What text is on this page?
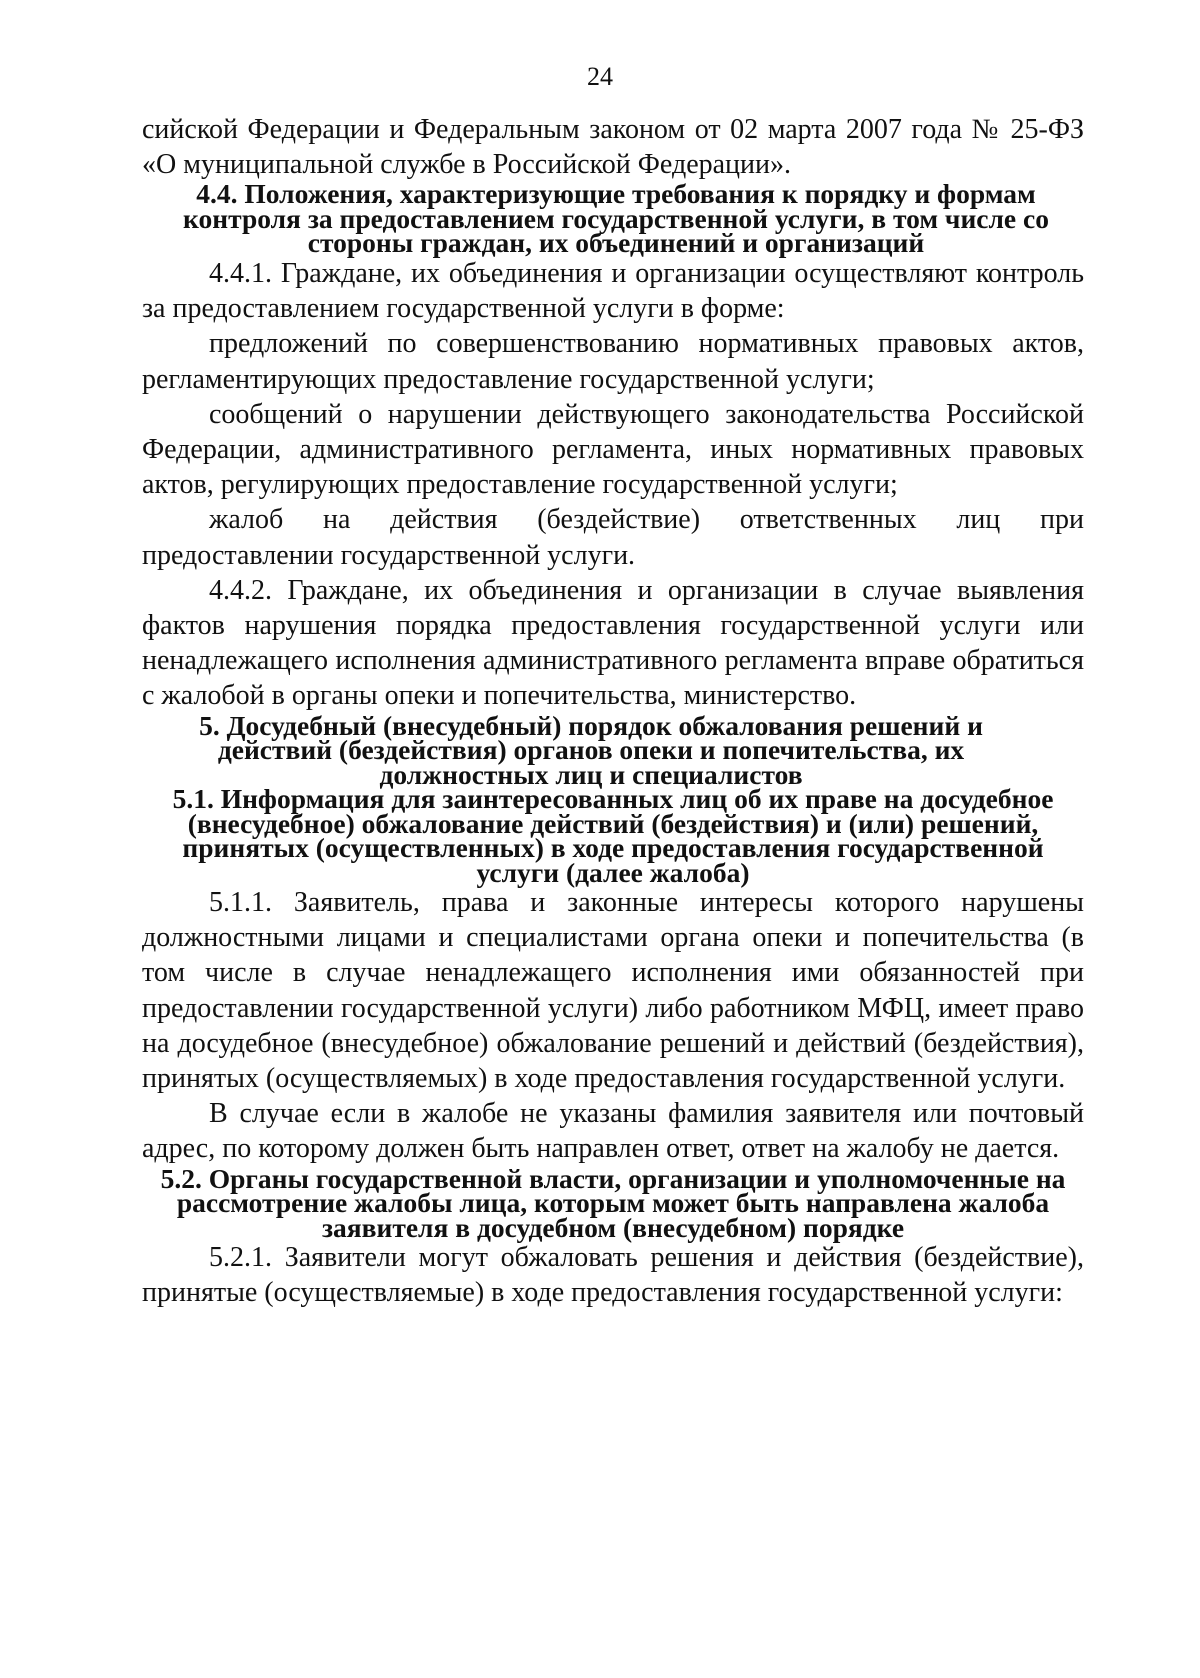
24

сийской Федерации и Федеральным законом от 02 марта 2007 года № 25-ФЗ «О муниципальной службе в Российской Федерации».

4.4. Положения, характеризующие требования к порядку и формам контроля за предоставлением государственной услуги, в том числе со стороны граждан, их объединений и организаций

4.4.1. Граждане, их объединения и организации осуществляют контроль за предоставлением государственной услуги в форме:

предложений по совершенствованию нормативных правовых актов, регламентирующих предоставление государственной услуги;

сообщений о нарушении действующего законодательства Российской Федерации, административного регламента, иных нормативных правовых актов, регулирующих предоставление государственной услуги;

жалоб на действия (бездействие) ответственных лиц при предоставлении государственной услуги.

4.4.2. Граждане, их объединения и организации в случае выявления фактов нарушения порядка предоставления государственной услуги или ненадлежащего исполнения административного регламента вправе обратиться с жалобой в органы опеки и попечительства, министерство.

5. Досудебный (внесудебный) порядок обжалования решений и действий (бездействия) органов опеки и попечительства, их должностных лиц и специалистов
5.1. Информация для заинтересованных лиц об их праве на досудебное (внесудебное) обжалование действий (бездействия) и (или) решений, принятых (осуществленных) в ходе предоставления государственной услуги (далее жалоба)

5.1.1. Заявитель, права и законные интересы которого нарушены должностными лицами и специалистами органа опеки и попечительства (в том числе в случае ненадлежащего исполнения ими обязанностей при предоставлении государственной услуги) либо работником МФЦ, имеет право на досудебное (внесудебное) обжалование решений и действий (бездействия), принятых (осуществляемых) в ходе предоставления государственной услуги.

В случае если в жалобе не указаны фамилия заявителя или почтовый адрес, по которому должен быть направлен ответ, ответ на жалобу не дается.

5.2. Органы государственной власти, организации и уполномоченные на рассмотрение жалобы лица, которым может быть направлена жалоба заявителя в досудебном (внесудебном) порядке

5.2.1. Заявители могут обжаловать решения и действия (бездействие), принятые (осуществляемые) в ходе предоставления государственной услуги:
